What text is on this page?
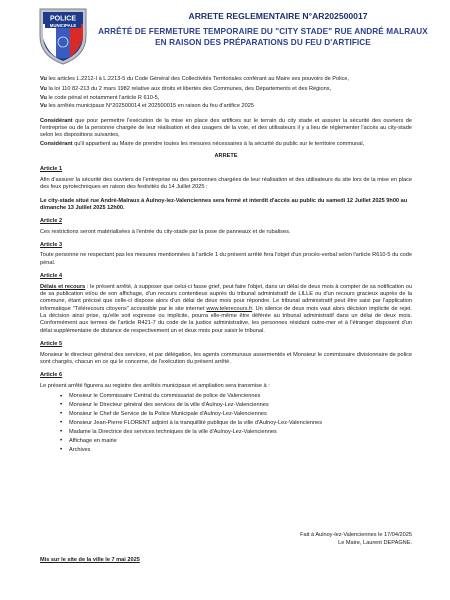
POLICE
MUNICIPALE
ARRETE REGLEMENTAIRE N°AR202500017
ARRÊTÉ DE FERMETURE TEMPORAIRE DU "CITY STADE" RUE ANDRÉ MALRAUX EN RAISON DES PRÉPARATIONS DU FEU D'ARTIFICE

Vu les articles L.2212-I à L.2213-5 du Code Général des Collectivités Territoriales conférant au Maire ses pouvoirs de Police,

Vu la loi 110 82-213 du 2 mars 1982 relative aux droits et libertés des Communes, des Départements et des Régions,

Vu le code pénal et notamment l'article R 610-5,

Vu les arrêtés municipaux N°202500014 et 202500015 en raison du feu d'artifice 2025

Considérant que pour permettre l'exécution de la mise en place des artifices sur le terrain du city stade et assurer la sécurité des ouvriers de l'entreprise ou de la personne chargée de leur réalisation et des usagers de la voie, et des utilisateurs il y a lieu de réglementer l'accès au city-stade selon les dispositions suivantes,

Considérant qu'il appartient au Maire de prendre toutes les mesures nécessaires à la sécurité du public sur le territoire communal,

ARRETE
Article 1

Afin d'assurer la sécurité des ouvriers de l'entreprise ou des personnes chargées de leur réalisation et des utilisateurs du site lors de la mise en place des feux pyrotechniques en raison des festivités du 14 Juillet 2025 :

Le city-stade situé rue André-Malraux à Aulnoy-lez-Valenciennes sera fermé et interdit d'accès au public du samedi 12 Juillet 2025 9h00 au dimanche 13 Juillet 2025 12h00.
Article 2

Ces restrictions seront matérialisées à l'entrée du city-stade par la pose de panneaux et de rubalises.

Article 3

Toute personne ne respectant pas les mesures mentionnées à l'article 1 du présent arrêté fera l'objet d'un procès-verbal selon l'article R610-5 du code pénal.

Article 4

Délais et recours : le présent arrêté, à supposer que celui-ci fasse grief, peut faire l'objet, dans un délai de deux mois à compter de sa notification ou de sa publication et/ou de son affichage, d'un recours contentieux auprès du tribunal administratif de LILLE ou d'un recours gracieux auprès de la commune, étant précisé que celle-ci dispose alors d'un délai de deux mois pour répondre. Le tribunal administratif peut être saisi par l'application informatique "Télérecours citoyens" accessible par le site internet www.telerecours.fr. Un silence de deux mois vaut alors décision implicite de rejet. La décision ainsi prise, qu'elle soit expresse ou implicite, pourra elle-même être déférée au tribunal administratif dans un délai de deux mois. Conformément aux termes de l'article R421-7 du code de la justice administrative, les personnes résidant outre-mer et à l'étranger disposent d'un délai supplémentaire de distance de respectivement un et deux mois pour saisir le tribunal.

Article 5

Monsieur le directeur général des services, et par délégation, les agents communaux assermentés et Monsieur le commissaire divisionnaire de police sont chargés, chacun en ce qui le concerne, de l'exécution du présent arrêté.

Article 6

Le présent arrêté figurera au registre des arrêtés municipaux et ampliation sera transmise à :

• Monsieur le Commissaire Central du commissariat de police de Valenciennes
• Monsieur le Directeur général des services de la ville d'Aulnoy-Lez-Valenciennes
• Monsieur le Chef de Service de la Police Municipale d'Aulnoy-Lez-Valenciennes
• Monsieur Jean-Pierre FLORENT adjoint à la tranquillité publique de la ville d'Aulnoy-Lez-Valenciennes
• Madame la Directrice des services techniques de la ville d'Aulnoy-Lez-Valenciennes
• Affichage en mairie
• Archives
Fait à Aulnoy-lez-Valenciennes le 17/04/2025
Le Maire, Laurent DEPAGNE.
Mis sur le site de la ville le 7 mai 2025
